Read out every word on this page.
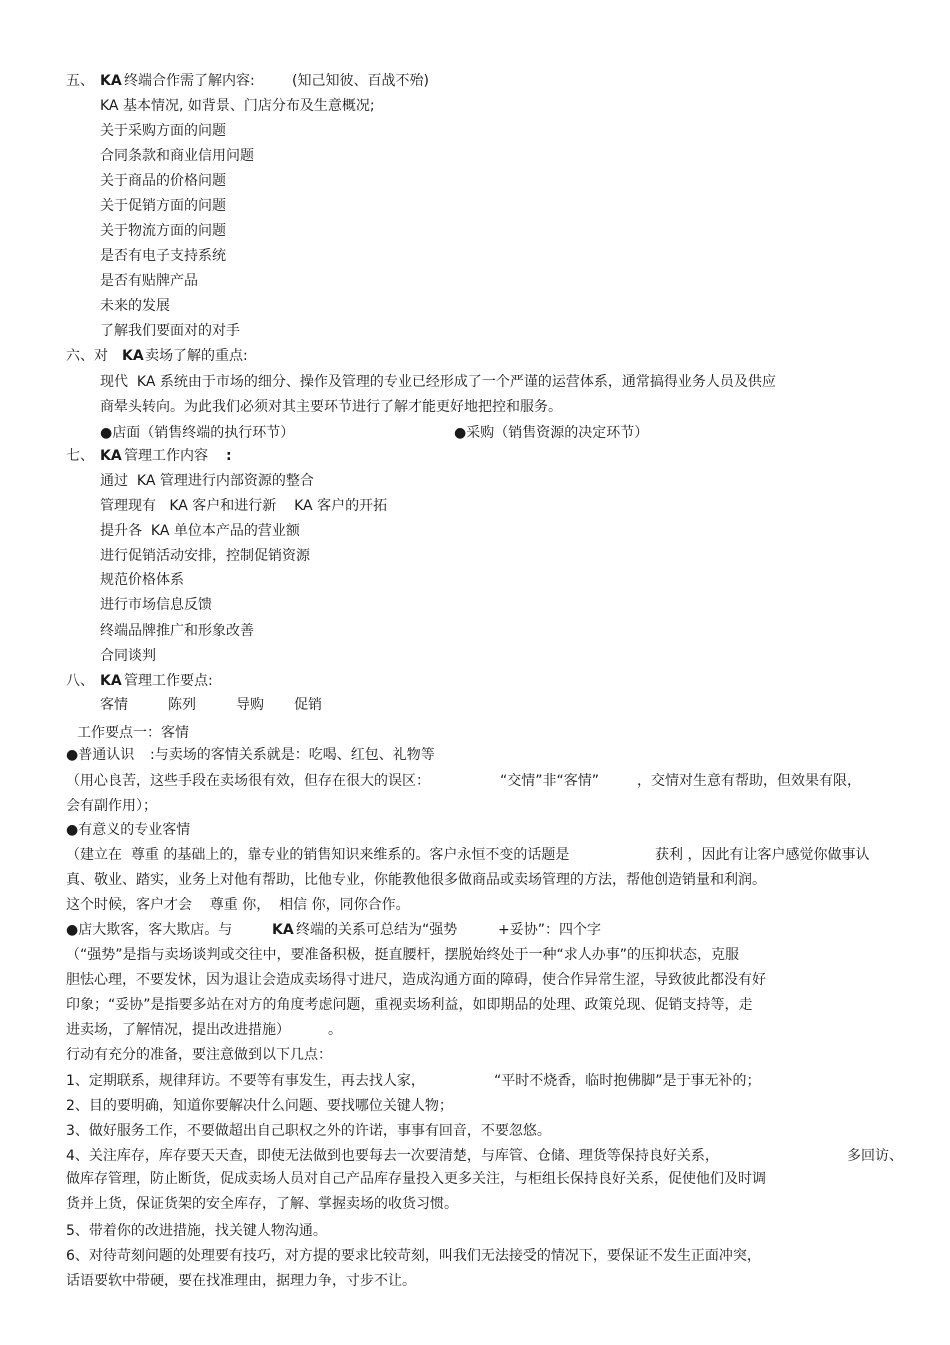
五、 KA 终端合作需了解内容:	(知己知彼、百战不殆)
KA 基本情况, 如背景、门店分布及生意概况;
关于采购方面的问题
合同条款和商业信用问题
关于商品的价格问题
关于促销方面的问题
关于物流方面的问题
是否有电子支持系统
是否有贴牌产品
未来的发展
了解我们要面对的对手
六、对 KA 卖场了解的重点:
现代  KA 系统由于市场的细分、操作及管理的专业已经形成了一个严谨的运营体系，通常搞得业务人员及供应
商晕头转向。为此我们必须对其主要环节进行了解才能更好地把控和服务。
●店面（销售终端的执行环节）	●采购（销售资源的决定环节）
七、 KA 管理工作内容 :
通过  KA 管理进行内部资源的整合
管理现有   KA 客户和进行新    KA 客户的开拓
提升各  KA 单位本产品的营业额
进行促销活动安排，控制促销资源
规范价格体系
进行市场信息反馈
终端品牌推广和形象改善
合同谈判
八、 KA 管理工作要点:
客情	陈列	导购 促销
工作要点一：客情
●普通认识 :与卖场的客情关系就是：吃喝、红包、礼物等
（用心良苦，这些手段在卖场很有效，但存在很大的误区：	“交情”非“客情”	，交情对生意有帮助，但效果有限，
会有副作用）；
●有意义的专业客情
（建立在  尊重 的基础上的，靠专业的销售知识来维系的。客户永恒不变的话题是	获利 ，因此有让客户感觉你做事认
真、敬业、踏实，业务上对他有帮助，比他专业，你能教他很多做商品或卖场管理的方法，帮他创造销量和利润。
这个时候，客户才会    尊重 你，  相信 你，同你合作。
●店大欺客，客大欺店。与	KA 终端的关系可总结为“强势	+妥协”：四个字
（“强势”是指与卖场谈判或交往中，要准备积极，挺直腰杆，摆脱始终处于一种“求人办事”的压抑状态，克服
胆怯心理，不要发怵，因为退让会造成卖场得寸进尺，造成沟通方面的障碍，使合作异常生涩，导致彼此都没有好
印象；“妥协”是指要多站在对方的角度考虑问题，重视卖场利益，如即期品的处理、政策兑现、促销支持等，走
进卖场，了解情况，提出改进措施）	。
行动有充分的准备，要注意做到以下几点：
1、定期联系，规律拜访。不要等有事发生，再去找人家，	“平时不烧香，临时抱佛脚”是于事无补的；
2、目的要明确，知道你要解决什么问题、要找哪位关键人物；
3、做好服务工作，不要做超出自己职权之外的许诺，事事有回音，不要忽悠。
4、关注库存，库存要天天查，即使无法做到也要每去一次要清楚，与库管、仓储、理货等保持良好关系，	多回访、
做库存管理，防止断货，促成卖场人员对自己产品库存量投入更多关注，与柜组长保持良好关系，促使他们及时调
货并上货，保证货架的安全库存，了解、掌握卖场的收货习惯。
5、带着你的改进措施，找关键人物沟通。
6、对待苛刻问题的处理要有技巧，对方提的要求比较苛刻，叫我们无法接受的情况下，要保证不发生正面冲突，
话语要软中带硬，要在找准理由，据理力争，寸步不让。
